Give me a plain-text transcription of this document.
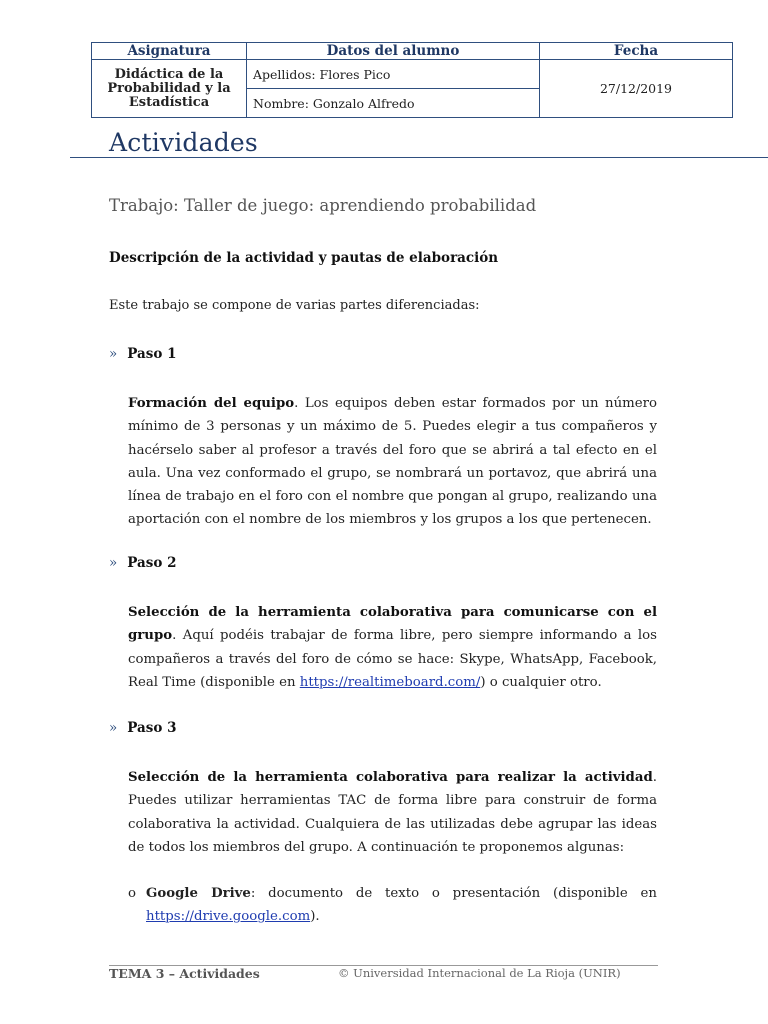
Asignatura	Datos del alumno	Fecha
Didáctica de la
Probabilidad y la
Estadística	Apellidos: Flores Pico	27/12/2019
	Nombre: Gonzalo Alfredo	
Actividades
Trabajo: Taller de juego: aprendiendo probabilidad
Descripción de la actividad y pautas de elaboración
Este trabajo se compone de varias partes diferenciadas:
» Paso 1
Formación del equipo. Los equipos deben estar formados por un número mínimo de 3 personas y un máximo de 5. Puedes elegir a tus compañeros y hacérselo saber al profesor a través del foro que se abrirá a tal efecto en el aula. Una vez conformado el grupo, se nombrará un portavoz, que abrirá una línea de trabajo en el foro con el nombre que pongan al grupo, realizando una aportación con el nombre de los miembros y los grupos a los que pertenecen.
» Paso 2
Selección de la herramienta colaborativa para comunicarse con el grupo. Aquí podéis trabajar de forma libre, pero siempre informando a los compañeros a través del foro de cómo se hace: Skype, WhatsApp, Facebook, Real Time (disponible en https://realtimeboard.com/) o cualquier otro.
» Paso 3
Selección de la herramienta colaborativa para realizar la actividad. Puedes utilizar herramientas TAC de forma libre para construir de forma colaborativa la actividad. Cualquiera de las utilizadas debe agrupar las ideas de todos los miembros del grupo. A continuación te proponemos algunas:
o Google Drive: documento de texto o presentación (disponible en https://drive.google.com).
TEMA 3 – Actividades	© Universidad Internacional de La Rioja (UNIR)
